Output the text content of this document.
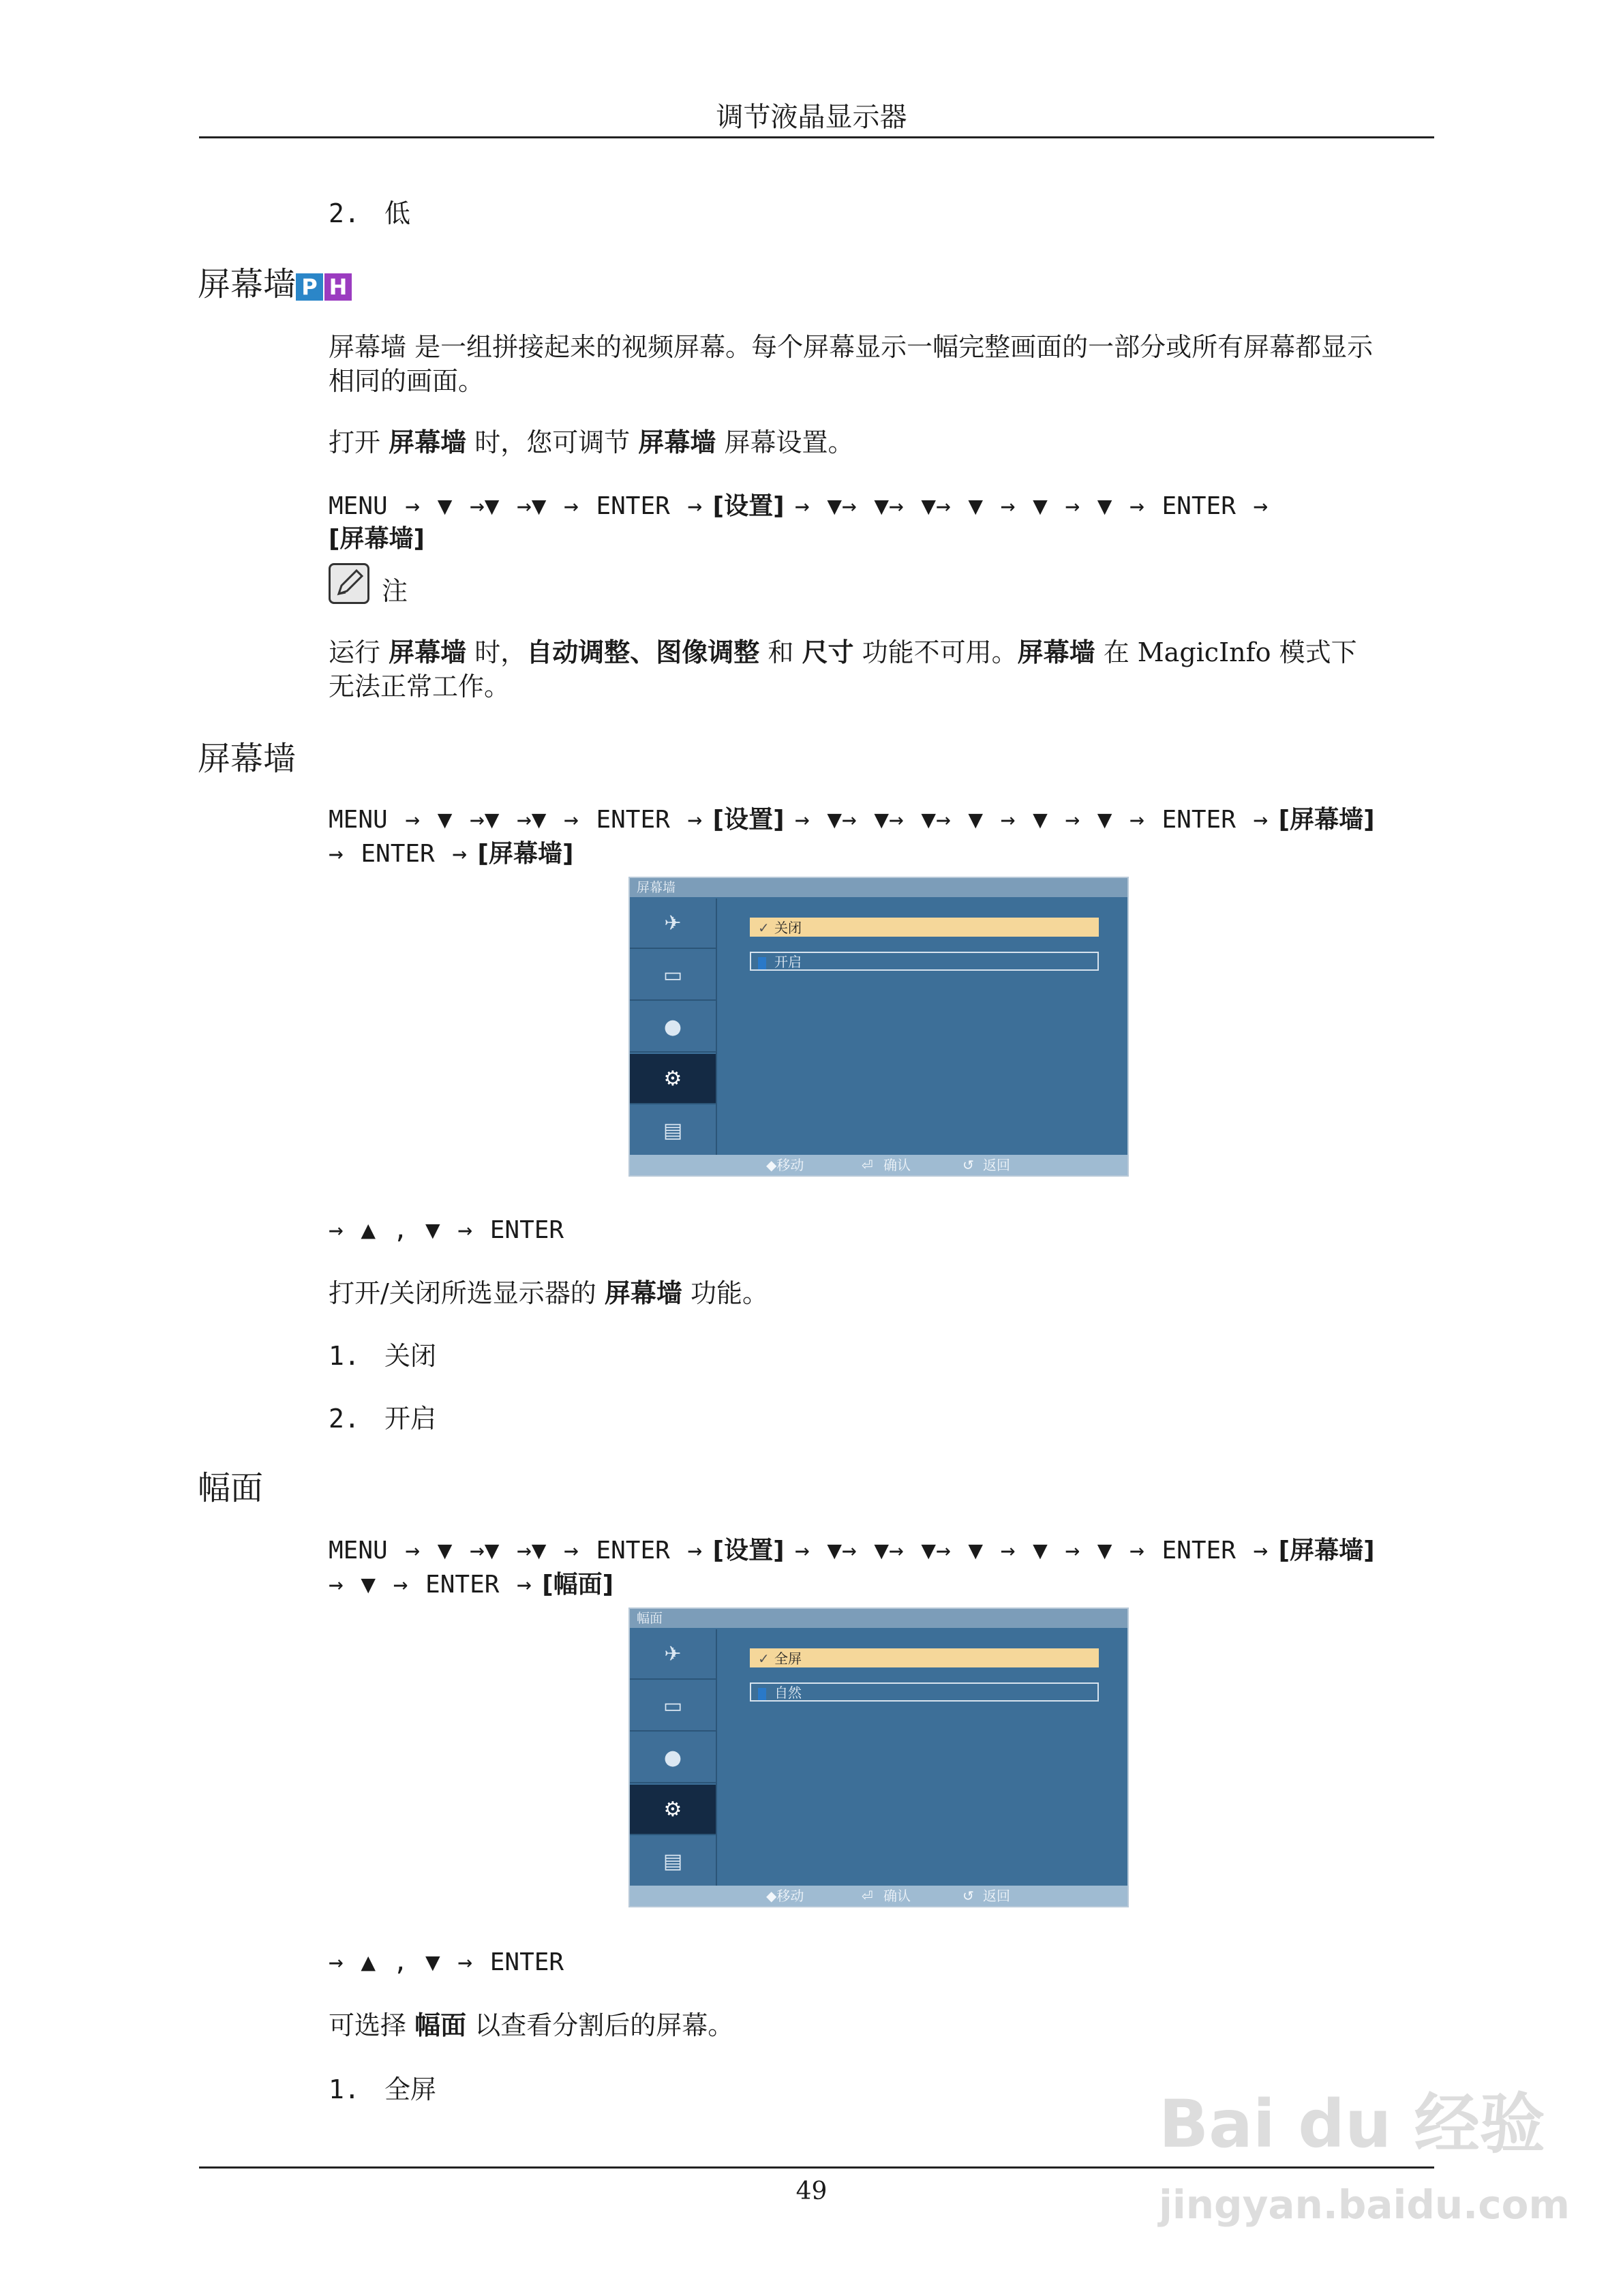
调节液晶显示器
2. 低
屏幕墙 P H
屏幕墙 是一组拼接起来的视频屏幕。每个屏幕显示一幅完整画面的一部分或所有屏幕都显示
相同的画面。
打开 屏幕墙 时，您可调节 屏幕墙 屏幕设置。
MENU → ▼ →▼ →▼ → ENTER → [设置] → ▼→ ▼→ ▼→ ▼ → ▼ → ▼ → ENTER →
[屏幕墙]
注
运行 屏幕墙 时，自动调整、图像调整 和 尺寸 功能不可用。屏幕墙 在 MagicInfo 模式下
无法正常工作。
屏幕墙
MENU → ▼ →▼ →▼ → ENTER → [设置] → ▼→ ▼→ ▼→ ▼ → ▼ → ▼ → ENTER → [屏幕墙]
→ ENTER → [屏幕墙]
屏幕墙
✈
▭
●
⚙
▤
✓ 关闭
开启
◆移动	⏎ 确认	↺ 返回
→ ▲ , ▼ → ENTER
打开/关闭所选显示器的 屏幕墙 功能。
1. 关闭
2. 开启
幅面
MENU → ▼ →▼ →▼ → ENTER → [设置] → ▼→ ▼→ ▼→ ▼ → ▼ → ▼ → ENTER → [屏幕墙]
→ ▼ → ENTER → [幅面]
幅面
✈
▭
●
⚙
▤
✓ 全屏
自然
◆移动	⏎ 确认	↺ 返回
→ ▲ , ▼ → ENTER
可选择 幅面 以查看分割后的屏幕。
1. 全屏
49
Bai du 经验
jingyan.baidu.com
